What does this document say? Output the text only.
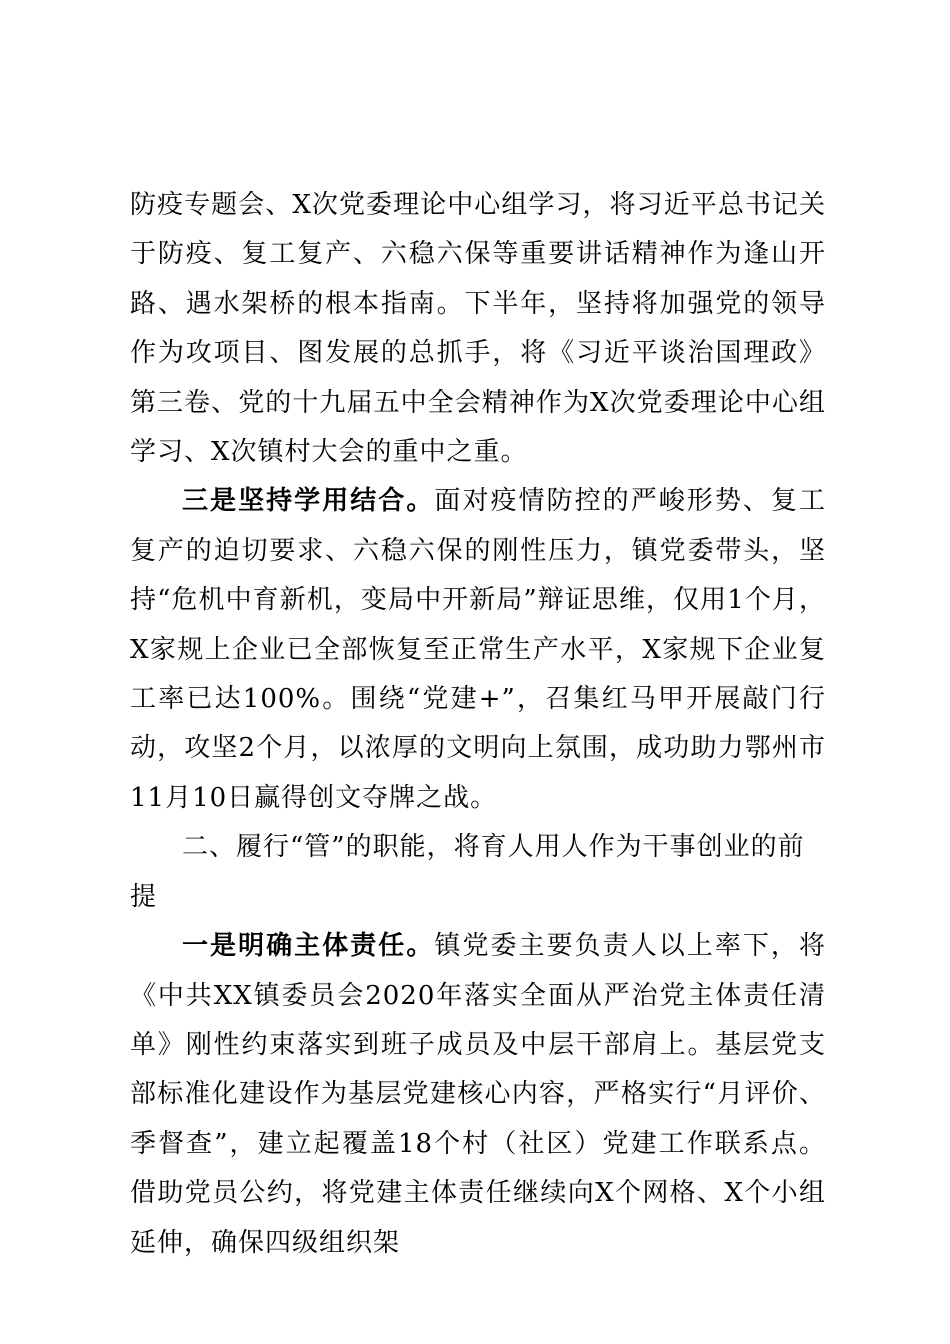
防疫专题会、X次党委理论中心组学习，将习近平总书记关于防疫、复工复产、六稳六保等重要讲话精神作为逢山开路、遇水架桥的根本指南。下半年，坚持将加强党的领导作为攻项目、图发展的总抓手，将《习近平谈治国理政》第三卷、党的十九届五中全会精神作为X次党委理论中心组学习、X次镇村大会的重中之重。

三是坚持学用结合。面对疫情防控的严峻形势、复工复产的迫切要求、六稳六保的刚性压力，镇党委带头，坚持“危机中育新机，变局中开新局”辩证思维，仅用1个月，X家规上企业已全部恢复至正常生产水平，X家规下企业复工率已达100%。围绕“党建+”，召集红马甲开展敲门行动，攻坚2个月，以浓厚的文明向上氛围，成功助力鄂州市11月10日赢得创文夺牌之战。

二、履行“管”的职能，将育人用人作为干事创业的前提

一是明确主体责任。镇党委主要负责人以上率下，将《中共XX镇委员会2020年落实全面从严治党主体责任清单》刚性约束落实到班子成员及中层干部肩上。基层党支部标准化建设作为基层党建核心内容，严格实行“月评价、季督查”，建立起覆盖18个村（社区）党建工作联系点。借助党员公约，将党建主体责任继续向X个网格、X个小组延伸，确保四级组织架
